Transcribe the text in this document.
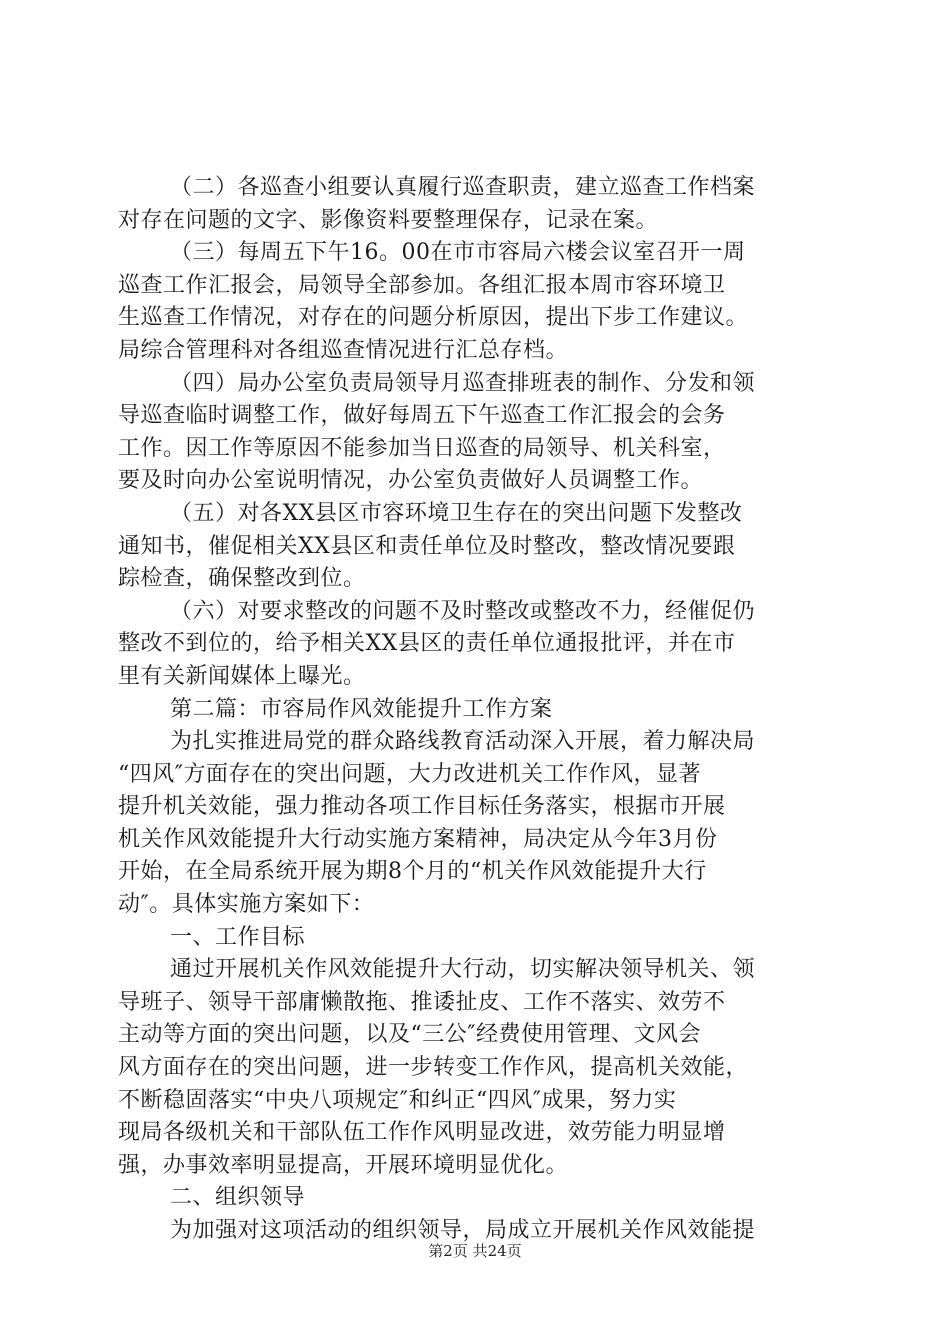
（二）各巡查小组要认真履行巡查职责，建立巡查工作档案
对存在问题的文字、影像资料要整理保存，记录在案。
（三）每周五下午16。00在市市容局六楼会议室召开一周
巡查工作汇报会，局领导全部参加。各组汇报本周市容环境卫
生巡查工作情况，对存在的问题分析原因，提出下步工作建议。
局综合管理科对各组巡查情况进行汇总存档。
（四）局办公室负责局领导月巡查排班表的制作、分发和领
导巡查临时调整工作，做好每周五下午巡查工作汇报会的会务
工作。因工作等原因不能参加当日巡查的局领导、机关科室，
要及时向办公室说明情况，办公室负责做好人员调整工作。
（五）对各XX县区市容环境卫生存在的突出问题下发整改
通知书，催促相关XX县区和责任单位及时整改，整改情况要跟
踪检查，确保整改到位。
（六）对要求整改的问题不及时整改或整改不力，经催促仍
整改不到位的，给予相关XX县区的责任单位通报批评，并在市
里有关新闻媒体上曝光。
第二篇：市容局作风效能提升工作方案
为扎实推进局党的群众路线教育活动深入开展，着力解决局
“四风″方面存在的突出问题，大力改进机关工作作风，显著
提升机关效能，强力推动各项工作目标任务落实，根据市开展
机关作风效能提升大行动实施方案精神，局决定从今年3月份
开始，在全局系统开展为期8个月的“机关作风效能提升大行
动″。具体实施方案如下：
一、工作目标
通过开展机关作风效能提升大行动，切实解决领导机关、领
导班子、领导干部庸懒散拖、推诿扯皮、工作不落实、效劳不
主动等方面的突出问题，以及“三公″经费使用管理、文风会
风方面存在的突出问题，进一步转变工作作风，提高机关效能，
不断稳固落实“中央八项规定″和纠正“四风″成果，努力实
现局各级机关和干部队伍工作作风明显改进，效劳能力明显增
强，办事效率明显提高，开展环境明显优化。
二、组织领导
为加强对这项活动的组织领导，局成立开展机关作风效能提
第2页 共24页
